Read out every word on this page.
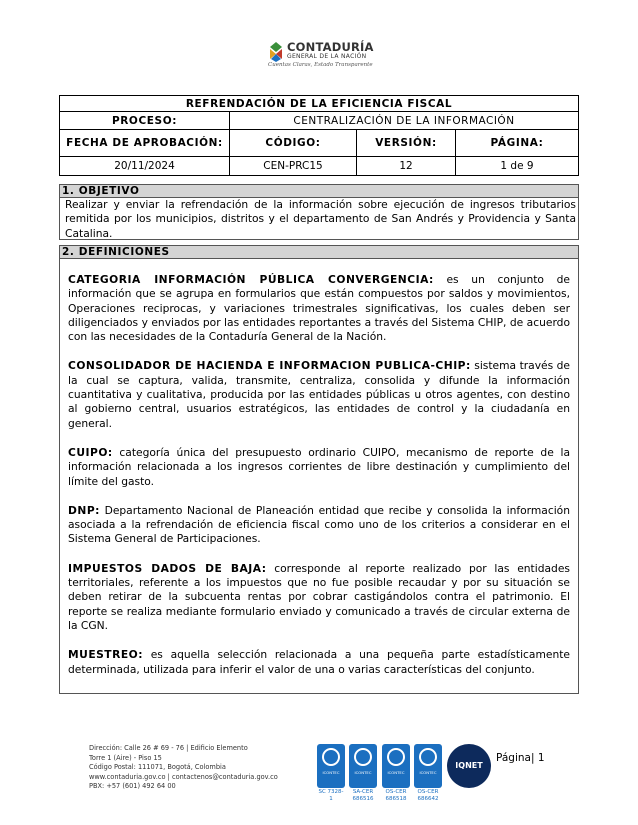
CONTADURÍA
GENERAL DE LA NACIÓN
Cuentas Claras, Estado Transparente
REFRENDACIÓN DE LA EFICIENCIA FISCAL			
PROCESO:	CENTRALIZACIÓN DE LA INFORMACIÓN		
FECHA DE APROBACIÓN:	CÓDIGO:	VERSIÓN:	PÁGINA:
20/11/2024	CEN-PRC15	12	1 de 9
1. OBJETIVO
Realizar y enviar la refrendación de la información sobre ejecución de ingresos tributarios remitida por los municipios, distritos y el departamento de San Andrés y Providencia y Santa Catalina.
2. DEFINICIONES

CATEGORIA INFORMACIÓN PÚBLICA CONVERGENCIA: es un conjunto de información que se agrupa en formularios que están compuestos por saldos y movimientos, Operaciones reciprocas, y variaciones trimestrales significativas, los cuales deben ser diligenciados y enviados por las entidades reportantes a través del Sistema CHIP, de acuerdo con las necesidades de la Contaduría General de la Nación.

CONSOLIDADOR DE HACIENDA E INFORMACION PUBLICA-CHIP: sistema través de la cual se captura, valida, transmite, centraliza, consolida y difunde la información cuantitativa y cualitativa, producida por las entidades públicas u otros agentes, con destino al gobierno central, usuarios estratégicos, las entidades de control y la ciudadanía en general.

CUIPO: categoría única del presupuesto ordinario CUIPO, mecanismo de reporte de la información relacionada a los ingresos corrientes de libre destinación y cumplimiento del límite del gasto.

DNP: Departamento Nacional de Planeación entidad que recibe y consolida la información asociada a la refrendación de eficiencia fiscal como uno de los criterios a considerar en el Sistema General de Participaciones.

IMPUESTOS DADOS DE BAJA: corresponde al reporte realizado por las entidades territoriales, referente a los impuestos que no fue posible recaudar y por su situación se deben retirar de la subcuenta rentas por cobrar castigándolos contra el patrimonio. El reporte se realiza mediante formulario enviado y comunicado a través de circular externa de la CGN.

MUESTREO: es aquella selección relacionada a una pequeña parte estadísticamente determinada, utilizada para inferir el valor de una o varias características del conjunto.

Dirección: Calle 26 # 69 - 76 | Edificio Elemento
Torre 1 (Aire) - Piso 15
Código Postal: 111071, Bogotá, Colombia
www.contaduria.gov.co | contactenos@contaduria.gov.co
PBX: +57 (601) 492 64 00
ICONTEC
SC 7328-1
ICONTEC
SA-CER 686516
ICONTEC
OS-CER 686518
ICONTEC
OS-CER 686642
IQNET
Página| 1
